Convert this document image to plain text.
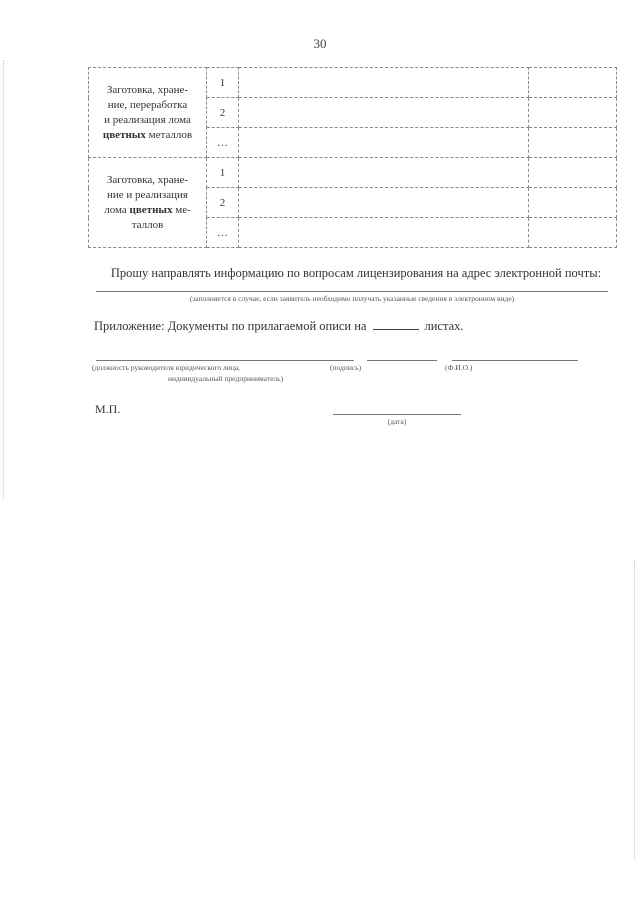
30
Заготовка, хране-
ние, переработка
и реализация лома
цветных металлов	1		
	2		
	…		
Заготовка, хране-
ние и реализация
лома цветных ме-
таллов	1		
	2		
	…		
Прошу направлять информацию по вопросам лицензирования на адрес электронной почты:
(заполняется в случае, если заявитель необходимо получать указанные сведения в электронном виде)
Приложение: Документы по прилагаемой описи на	листах.
(должность руководителя юридического лица,
индивидуальный предприниматель)
(подпись)	(Ф.И.О.)
М.П.
(дата)
